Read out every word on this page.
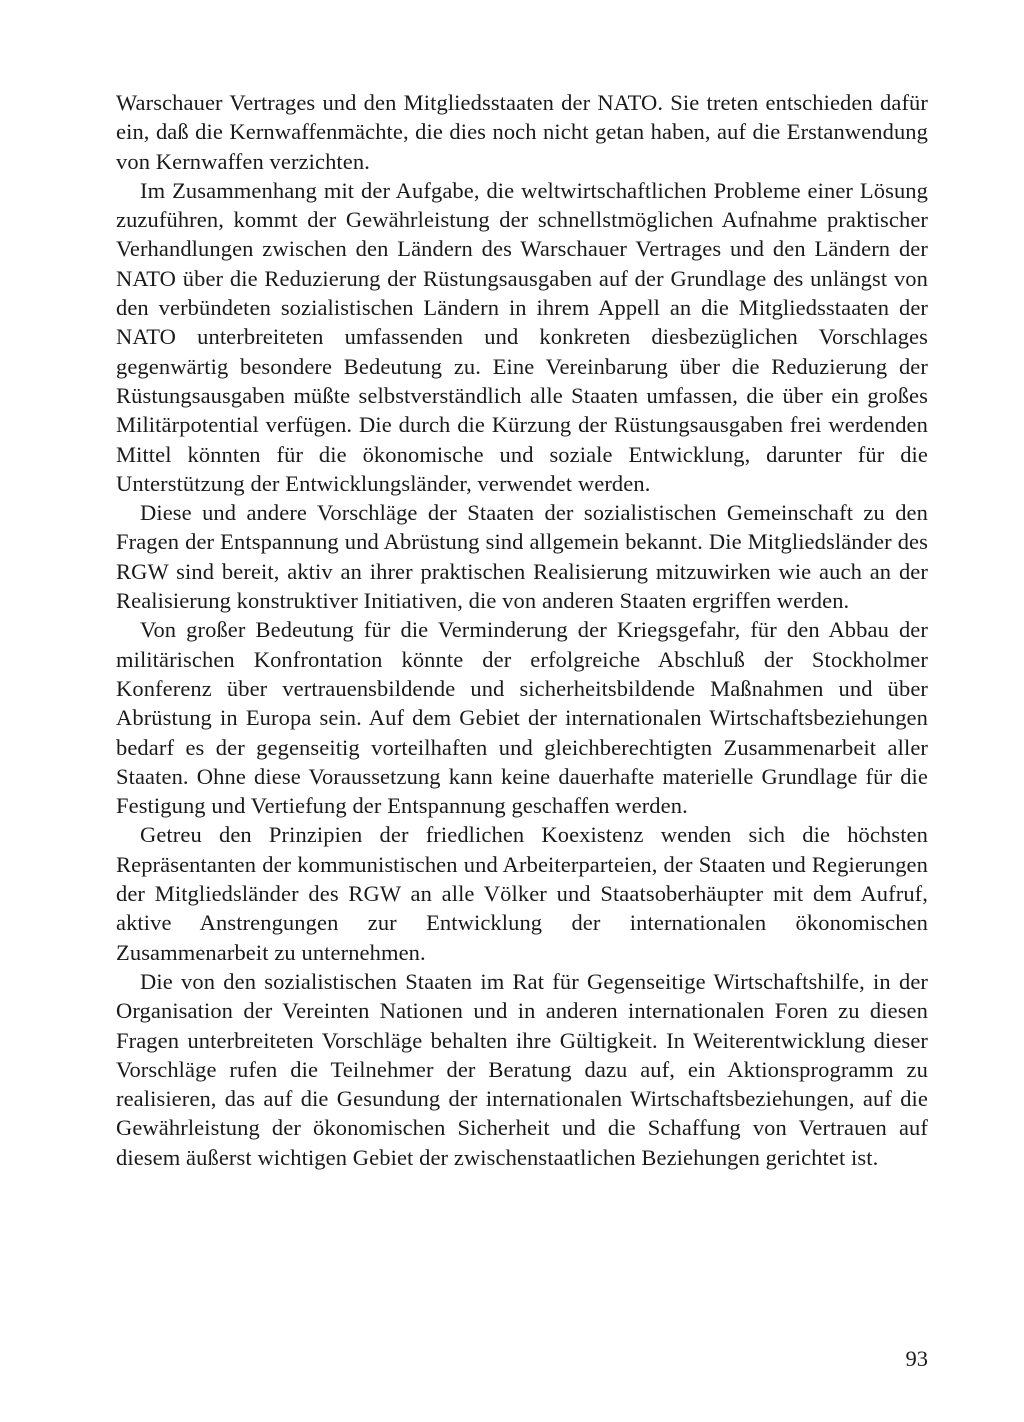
Warschauer Vertrages und den Mitgliedsstaaten der NATO. Sie treten entschieden dafür ein, daß die Kernwaffenmächte, die dies noch nicht getan haben, auf die Erstanwendung von Kernwaffen verzichten.

Im Zusammenhang mit der Aufgabe, die weltwirtschaftlichen Probleme einer Lösung zuzuführen, kommt der Gewährleistung der schnellstmöglichen Aufnahme praktischer Verhandlungen zwischen den Ländern des Warschauer Vertrages und den Ländern der NATO über die Reduzierung der Rüstungsausgaben auf der Grundlage des unlängst von den verbündeten sozialistischen Ländern in ihrem Appell an die Mitgliedsstaaten der NATO unterbreiteten umfassenden und konkreten diesbezüglichen Vorschlages gegenwärtig besondere Bedeutung zu. Eine Vereinbarung über die Reduzierung der Rüstungsausgaben müßte selbstverständlich alle Staaten umfassen, die über ein großes Militärpotential verfügen. Die durch die Kürzung der Rüstungsausgaben frei werdenden Mittel könnten für die ökonomische und soziale Entwicklung, darunter für die Unterstützung der Entwicklungsländer, verwendet werden.

Diese und andere Vorschläge der Staaten der sozialistischen Gemeinschaft zu den Fragen der Entspannung und Abrüstung sind allgemein bekannt. Die Mitgliedsländer des RGW sind bereit, aktiv an ihrer praktischen Realisierung mitzuwirken wie auch an der Realisierung konstruktiver Initiativen, die von anderen Staaten ergriffen werden.

Von großer Bedeutung für die Verminderung der Kriegsgefahr, für den Abbau der militärischen Konfrontation könnte der erfolgreiche Abschluß der Stockholmer Konferenz über vertrauensbildende und sicherheitsbildende Maßnahmen und über Abrüstung in Europa sein. Auf dem Gebiet der internationalen Wirtschaftsbeziehungen bedarf es der gegenseitig vorteilhaften und gleichberechtigten Zusammenarbeit aller Staaten. Ohne diese Voraussetzung kann keine dauerhafte materielle Grundlage für die Festigung und Vertiefung der Entspannung geschaffen werden.

Getreu den Prinzipien der friedlichen Koexistenz wenden sich die höchsten Repräsentanten der kommunistischen und Arbeiterparteien, der Staaten und Regierungen der Mitgliedsländer des RGW an alle Völker und Staatsoberhäupter mit dem Aufruf, aktive Anstrengungen zur Entwicklung der internationalen ökonomischen Zusammenarbeit zu unternehmen.

Die von den sozialistischen Staaten im Rat für Gegenseitige Wirtschaftshilfe, in der Organisation der Vereinten Nationen und in anderen internationalen Foren zu diesen Fragen unterbreiteten Vorschläge behalten ihre Gültigkeit. In Weiterentwicklung dieser Vorschläge rufen die Teilnehmer der Beratung dazu auf, ein Aktionsprogramm zu realisieren, das auf die Gesundung der internationalen Wirtschaftsbeziehungen, auf die Gewährleistung der ökonomischen Sicherheit und die Schaffung von Vertrauen auf diesem äußerst wichtigen Gebiet der zwischenstaatlichen Beziehungen gerichtet ist.

93
